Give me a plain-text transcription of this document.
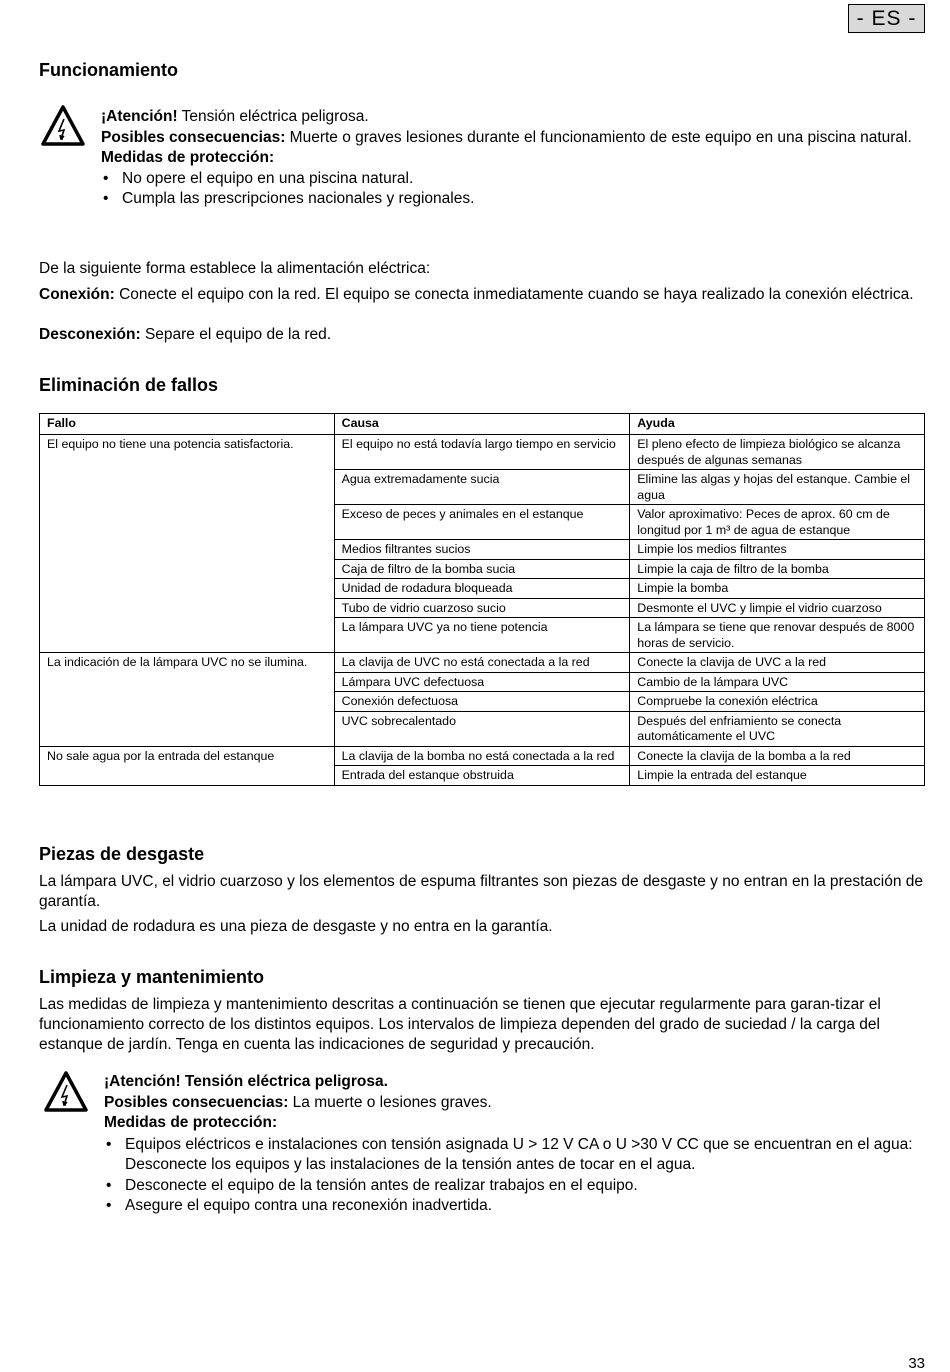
- ES -
Funcionamiento
¡Atención! Tensión eléctrica peligrosa.
Posibles consecuencias: Muerte o graves lesiones durante el funcionamiento de este equipo en una piscina natural.
Medidas de protección:
• No opere el equipo en una piscina natural.
• Cumpla las prescripciones nacionales y regionales.
De la siguiente forma establece la alimentación eléctrica:
Conexión: Conecte el equipo con la red. El equipo se conecta inmediatamente cuando se haya realizado la conexión eléctrica.
Desconexión: Separe el equipo de la red.
Eliminación de fallos
Fallo	Causa	Ayuda
El equipo no tiene una potencia satisfactoria.	El equipo no está todavía largo tiempo en servicio	El pleno efecto de limpieza biológico se alcanza después de algunas semanas
	Agua extremadamente sucia	Elimine las algas y hojas del estanque. Cambie el agua
	Exceso de peces y animales en el estanque	Valor aproximativo: Peces de aprox. 60 cm de longitud por 1 m³ de agua de estanque
	Medios filtrantes sucios	Limpie los medios filtrantes
	Caja de filtro de la bomba sucia	Limpie la caja de filtro de la bomba
	Unidad de rodadura bloqueada	Limpie la bomba
	Tubo de vidrio cuarzoso sucio	Desmonte el UVC y limpie el vidrio cuarzoso
	La lámpara UVC ya no tiene potencia	La lámpara se tiene que renovar después de 8000 horas de servicio.
La indicación de la lámpara UVC no se ilumina.	La clavija de UVC no está conectada a la red	Conecte la clavija de UVC a la red
	Lámpara UVC defectuosa	Cambio de la lámpara UVC
	Conexión defectuosa	Compruebe la conexión eléctrica
	UVC sobrecalentado	Después del enfriamiento se conecta automáticamente el UVC
No sale agua por la entrada del estanque	La clavija de la bomba no está conectada a la red	Conecte la clavija de la bomba a la red
	Entrada del estanque obstruida	Limpie la entrada del estanque
Piezas de desgaste
La lámpara UVC, el vidrio cuarzoso y los elementos de espuma filtrantes son piezas de desgaste y no entran en la prestación de garantía.
La unidad de rodadura es una pieza de desgaste y no entra en la garantía.
Limpieza y mantenimiento
Las medidas de limpieza y mantenimiento descritas a continuación se tienen que ejecutar regularmente para garan-tizar el funcionamiento correcto de los distintos equipos. Los intervalos de limpieza dependen del grado de suciedad / la carga del estanque de jardín. Tenga en cuenta las indicaciones de seguridad y precaución.
¡Atención! Tensión eléctrica peligrosa.
Posibles consecuencias: La muerte o lesiones graves.
Medidas de protección:
• Equipos eléctricos e instalaciones con tensión asignada U > 12 V CA o U >30 V CC que se encuentran en el agua: Desconecte los equipos y las instalaciones de la tensión antes de tocar en el agua.
• Desconecte el equipo de la tensión antes de realizar trabajos en el equipo.
• Asegure el equipo contra una reconexión inadvertida.
33
